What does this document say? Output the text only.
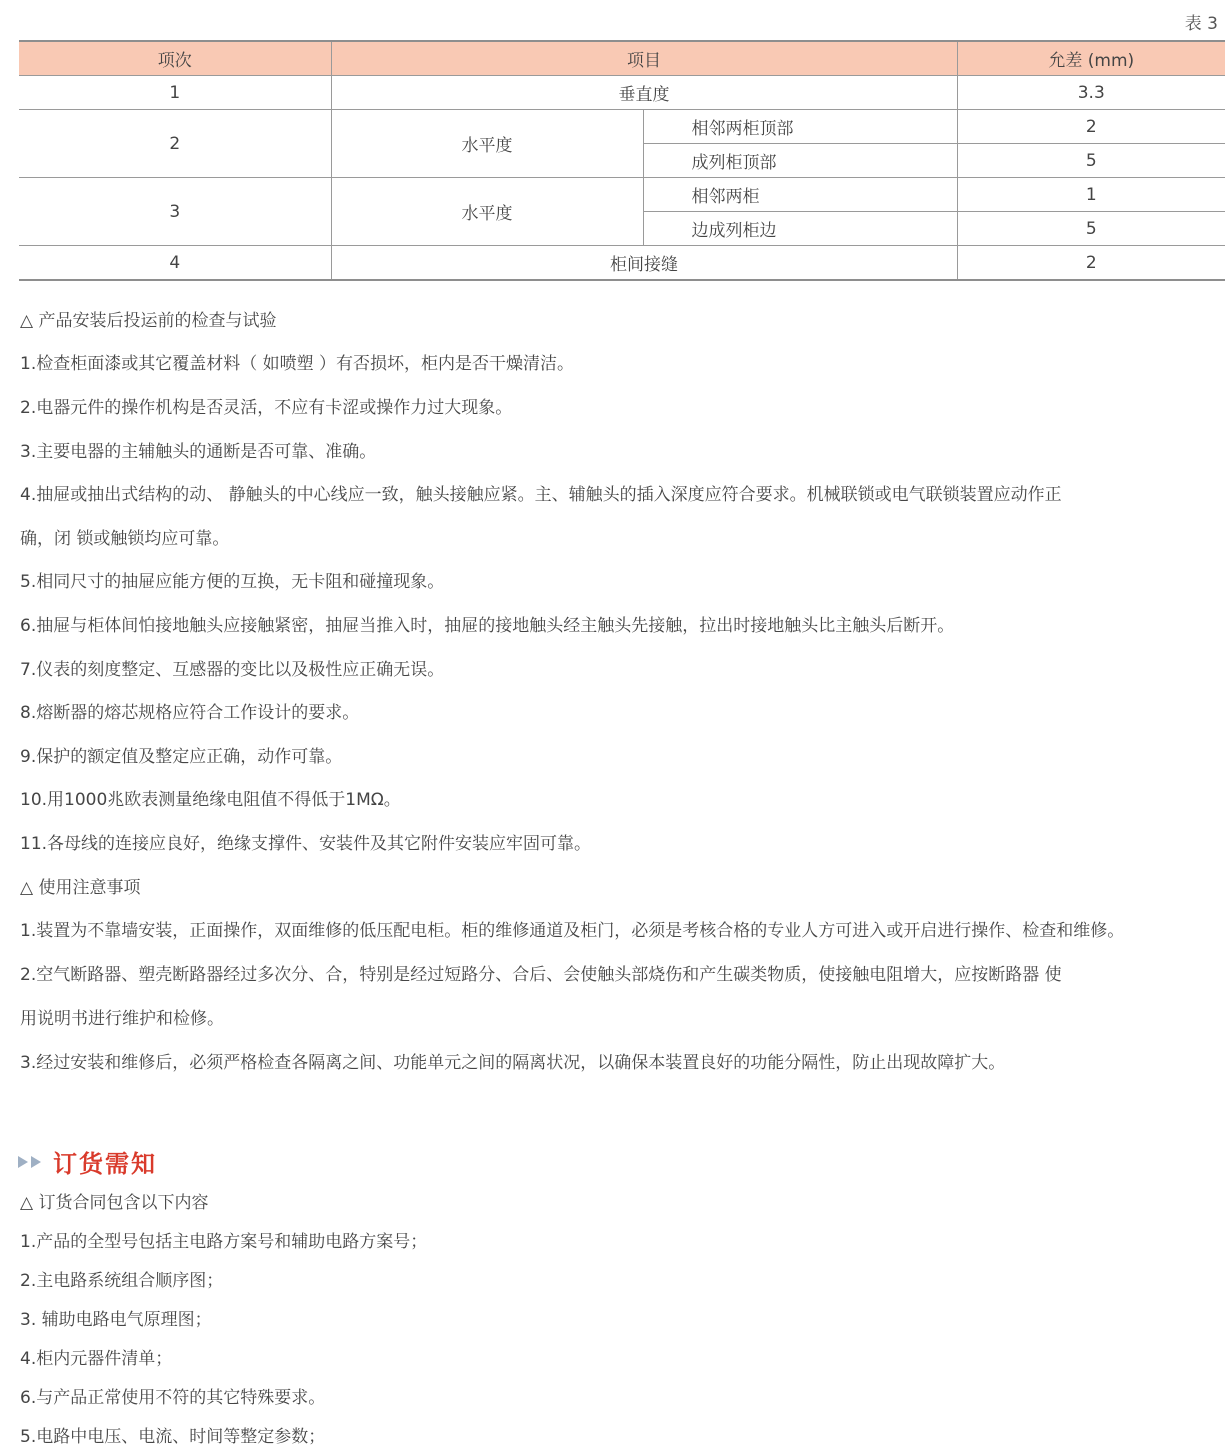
表 3
项次	项目		允差 (mm)
1	垂直度		3.3
2	水平度	相邻两柜顶部	2
		成列柜顶部	5
3	水平度	相邻两柜	1
		边成列柜边	5
4	柜间接缝		2
△ 产品安装后投运前的检查与试验
1.检查柜面漆或其它覆盖材料（ 如喷塑 ）有否损坏，柜内是否干燥清洁。
2.电器元件的操作机构是否灵活，不应有卡涩或操作力过大现象。
3.主要电器的主辅触头的通断是否可靠、准确。
4.抽屉或抽出式结构的动、 静触头的中心线应一致，触头接触应紧。主、辅触头的插入深度应符合要求。机械联锁或电气联锁装置应动作正
确，闭 锁或触锁均应可靠。
5.相同尺寸的抽屉应能方便的互换，无卡阻和碰撞现象。
6.抽屉与柜体间怕接地触头应接触紧密，抽屉当推入时，抽屉的接地触头经主触头先接触，拉出时接地触头比主触头后断开。
7.仪表的刻度整定、互感器的变比以及极性应正确无误。
8.熔断器的熔芯规格应符合工作设计的要求。
9.保护的额定值及整定应正确，动作可靠。
10.用1000兆欧表测量绝缘电阻值不得低于1MΩ。
11.各母线的连接应良好，绝缘支撑件、安装件及其它附件安装应牢固可靠。
△ 使用注意事项
1.装置为不靠墙安装，正面操作，双面维修的低压配电柜。柜的维修通道及柜门，必须是考核合格的专业人方可进入或开启进行操作、检查和维修。
2.空气断路器、塑壳断路器经过多次分、合，特别是经过短路分、合后、会使触头部烧伤和产生碳类物质，使接触电阻增大，应按断路器 使
用说明书进行维护和检修。
3.经过安装和维修后，必须严格检查各隔离之间、功能单元之间的隔离状况，以确保本装置良好的功能分隔性，防止出现故障扩大。
订货需知
△ 订货合同包含以下内容
1.产品的全型号包括主电路方案号和辅助电路方案号；
2.主电路系统组合顺序图；
3. 辅助电路电气原理图；
4.柜内元器件清单；
6.与产品正常使用不符的其它特殊要求。
5.电路中电压、电流、时间等整定参数；
